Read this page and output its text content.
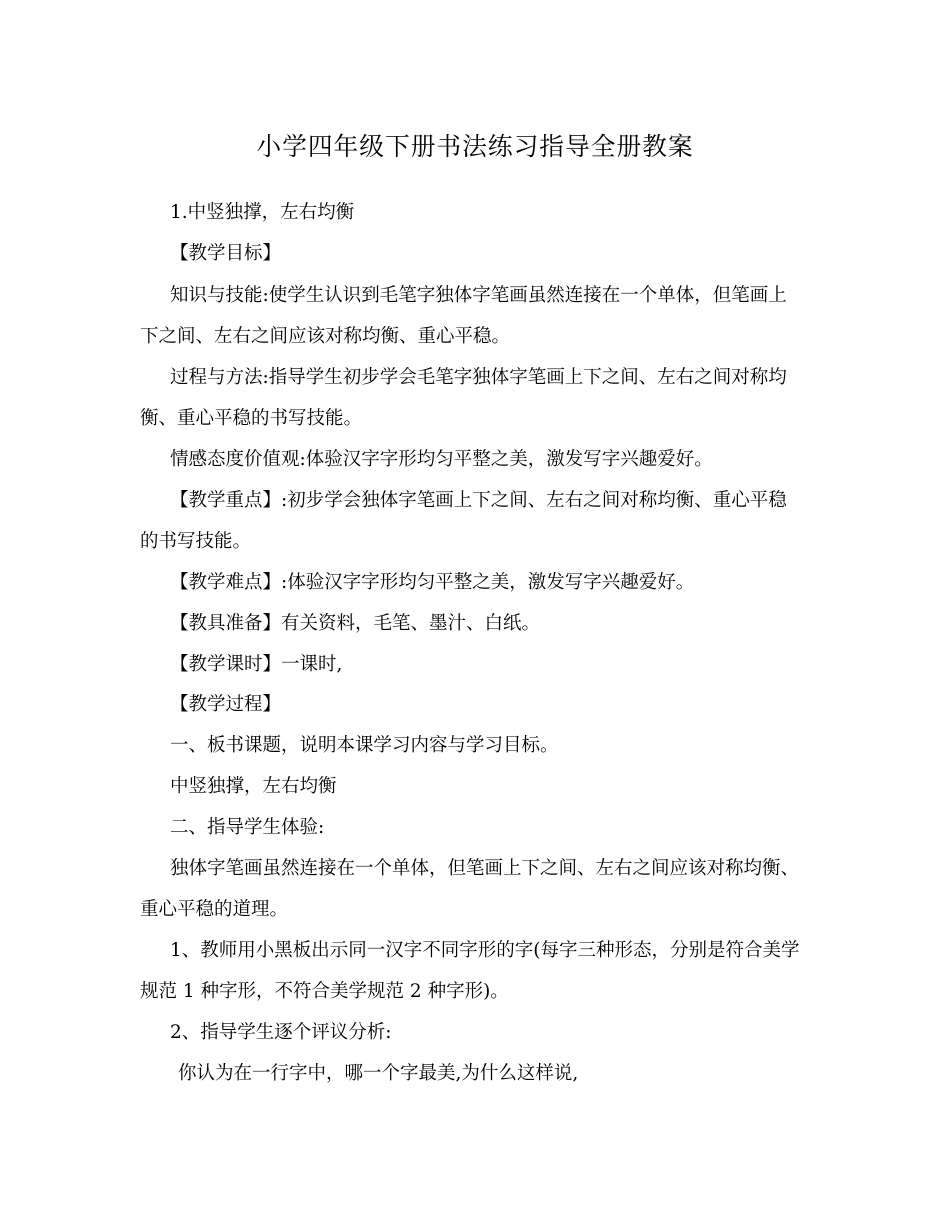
小学四年级下册书法练习指导全册教案
1.中竖独撑，左右均衡
【教学目标】
知识与技能:使学生认识到毛笔字独体字笔画虽然连接在一个单体，但笔画上
下之间、左右之间应该对称均衡、重心平稳。
过程与方法:指导学生初步学会毛笔字独体字笔画上下之间、左右之间对称均
衡、重心平稳的书写技能。
情感态度价值观:体验汉字字形均匀平整之美，激发写字兴趣爱好。
【教学重点】:初步学会独体字笔画上下之间、左右之间对称均衡、重心平稳
的书写技能。
【教学难点】:体验汉字字形均匀平整之美，激发写字兴趣爱好。
【教具准备】有关资料，毛笔、墨汁、白纸。
【教学课时】一课时,
【教学过程】
一、板书课题，说明本课学习内容与学习目标。
中竖独撑，左右均衡
二、指导学生体验:
独体字笔画虽然连接在一个单体，但笔画上下之间、左右之间应该对称均衡、
重心平稳的道理。
1、教师用小黑板出示同一汉字不同字形的字(每字三种形态，分别是符合美学
规范 1 种字形，不符合美学规范 2 种字形)。
2、指导学生逐个评议分析:
你认为在一行字中，哪一个字最美,为什么这样说,
